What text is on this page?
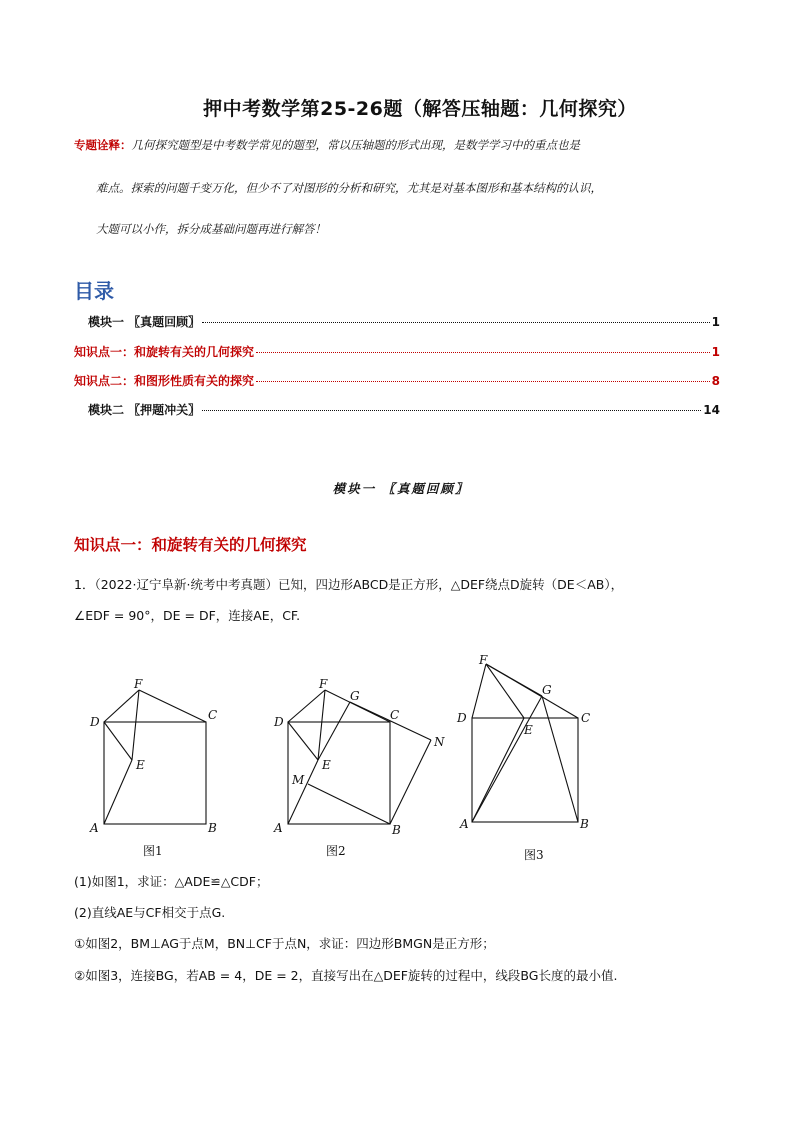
押中考数学第25-26题（解答压轴题：几何探究）
专题诠释：几何探究题型是中考数学常见的题型，常以压轴题的形式出现，是数学学习中的重点也是
难点。探索的问题千变万化，但少不了对图形的分析和研究，尤其是对基本图形和基本结构的认识，
大题可以小作，拆分成基础问题再进行解答！
目录
模块一 〖真题回顾〗	1
知识点一：和旋转有关的几何探究	1
知识点二：和图形性质有关的探究	8
模块二 〖押题冲关〗	14
模块一 〖真题回顾〗
知识点一：和旋转有关的几何探究
1．（2022·辽宁阜新·统考中考真题）已知，四边形ABCD是正方形，△DEF绕点D旋转（DE＜AB），
∠EDF = 90°，DE = DF，连接AE，CF.
F
D	C
E
A	B
图1
F
G
D	C
N
E
M
A	B
图2
F
G
D	C
E
A	B
图3
(1)如图1，求证：△ADE≌△CDF；
(2)直线AE与CF相交于点G.
①如图2，BM⊥AG于点M，BN⊥CF于点N，求证：四边形BMGN是正方形；
②如图3，连接BG，若AB = 4，DE = 2，直接写出在△DEF旋转的过程中，线段BG长度的最小值.
